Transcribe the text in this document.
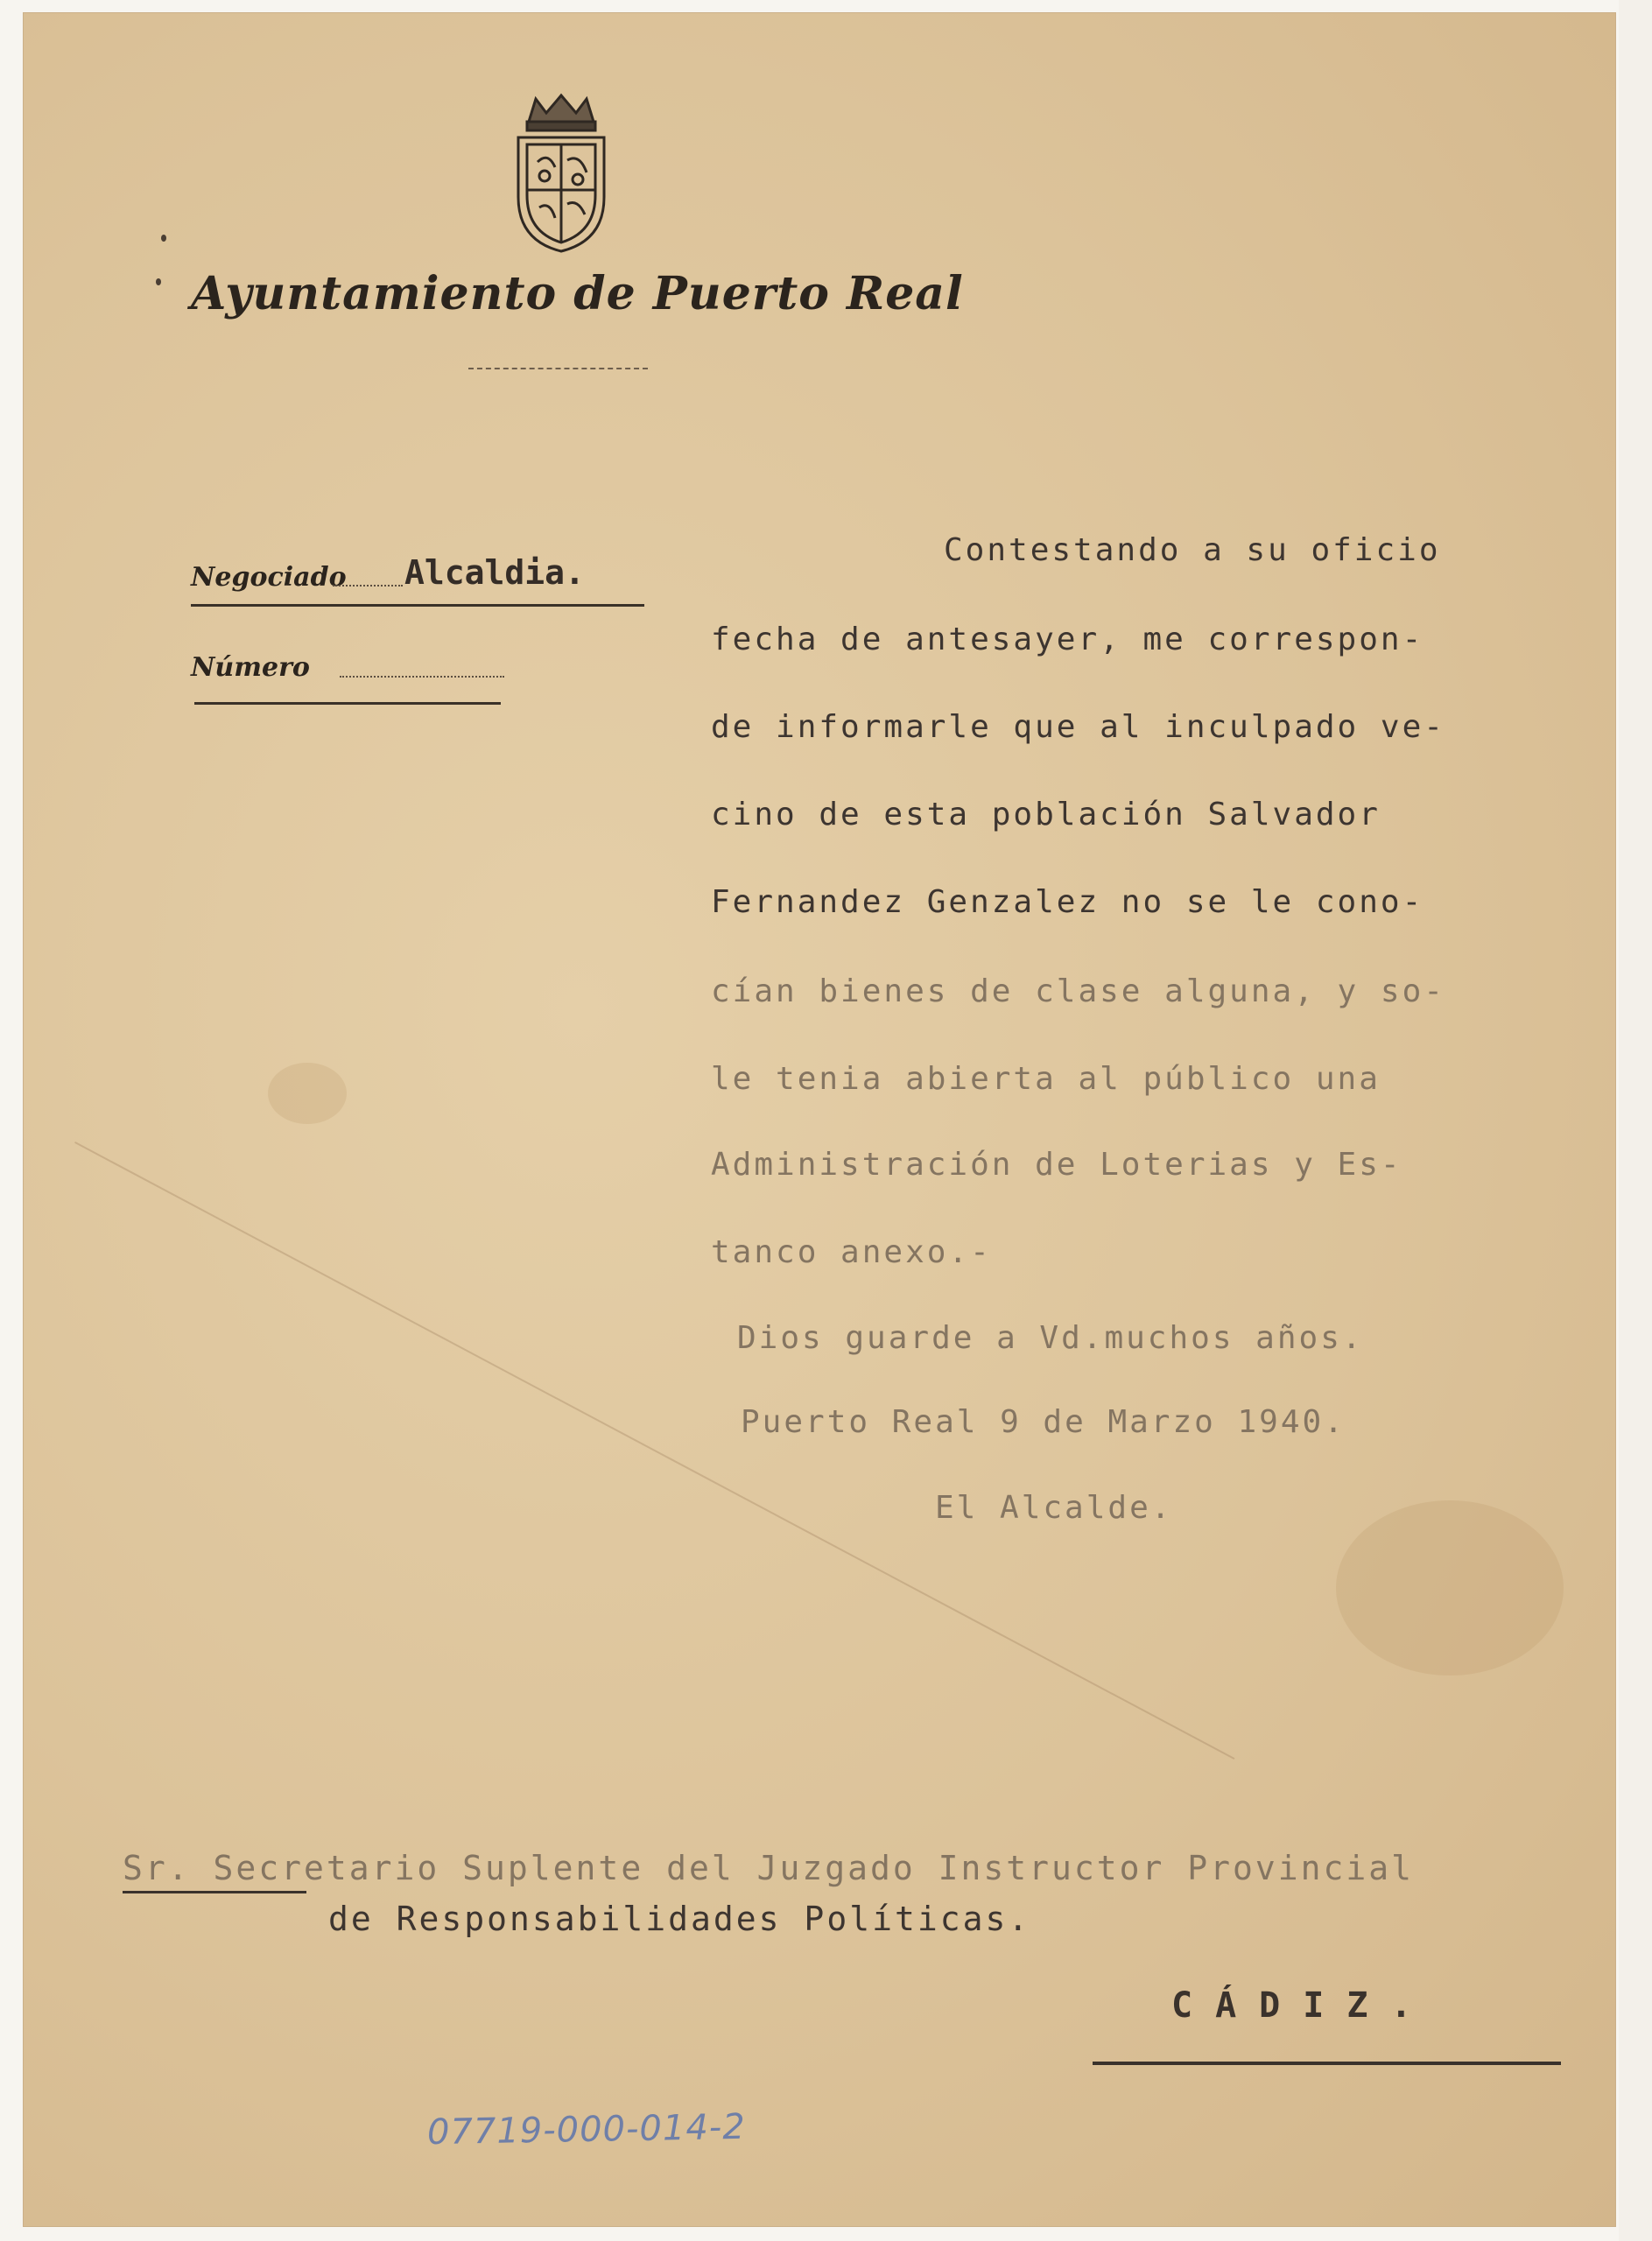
Ayuntamiento de Puerto Real
Negociado Alcaldia.
Número
Contestando a su oficio
fecha de antesayer, me correspon-
de informarle que al inculpado ve-
cino de esta población Salvador
Fernandez Genzalez no se le cono-
cían bienes de clase alguna, y so-
le tenia abierta al público una
Administración de Loterias y Es-
tanco anexo.-
Dios guarde a Vd.muchos años.
Puerto Real 9 de Marzo 1940.
El Alcalde.
Sr. Secretario Suplente del Juzgado Instructor Provincial
de Responsabilidades Políticas.
CÁDIZ.
07719-000-014-2
